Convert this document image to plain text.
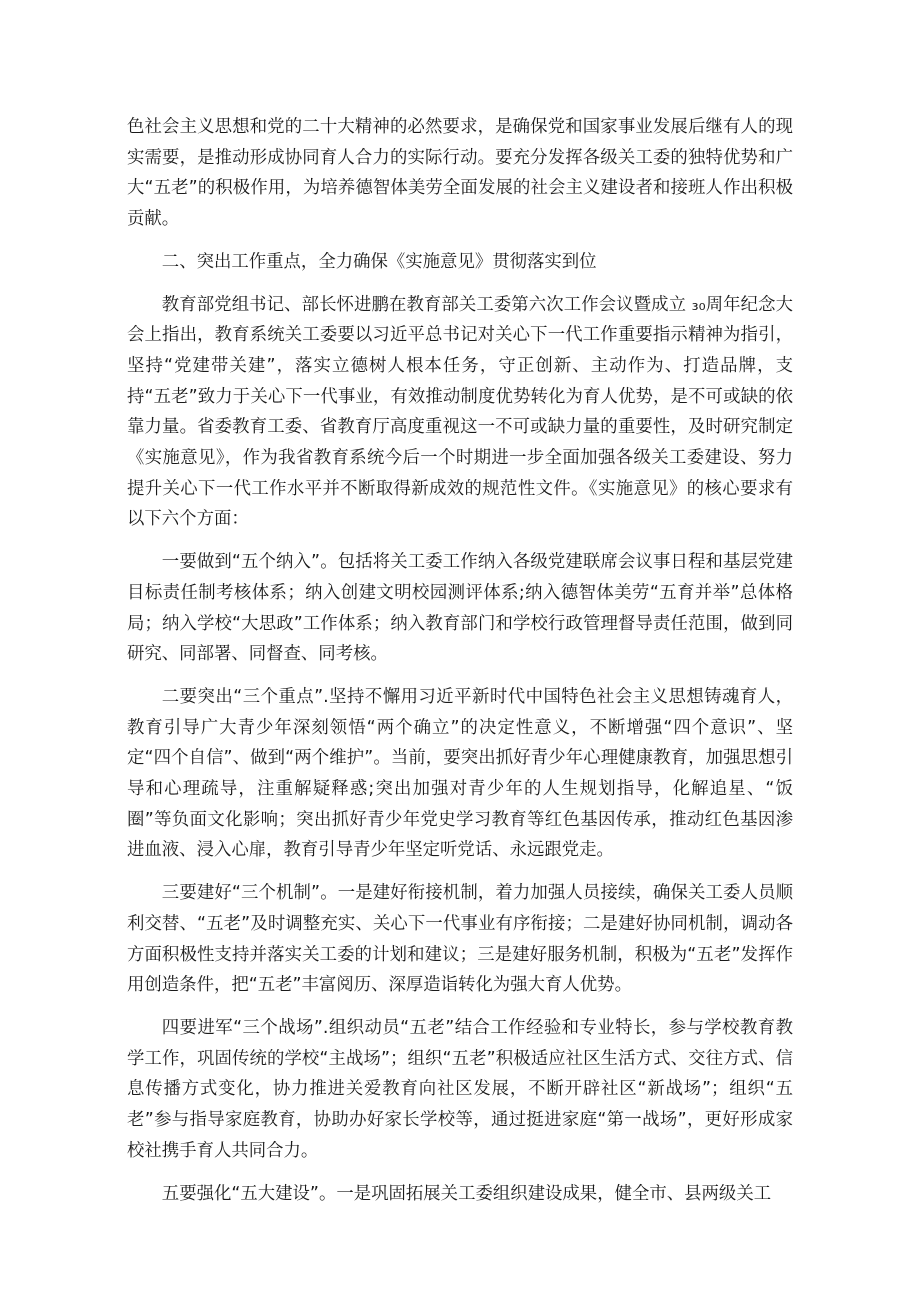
色社会主义思想和党的二十大精神的必然要求，是确保党和国家事业发展后继有人的现实需要，是推动形成协同育人合力的实际行动。要充分发挥各级关工委的独特优势和广大“五老”的积极作用，为培养德智体美劳全面发展的社会主义建设者和接班人作出积极贡献。

二、突出工作重点，全力确保《实施意见》贯彻落实到位

教育部党组书记、部长怀进鹏在教育部关工委第六次工作会议暨成立 ₃₀周年纪念大会上指出，教育系统关工委要以习近平总书记对关心下一代工作重要指示精神为指引，坚持“党建带关建”，落实立德树人根本任务，守正创新、主动作为、打造品牌，支持“五老”致力于关心下一代事业，有效推动制度优势转化为育人优势，是不可或缺的依靠力量。省委教育工委、省教育厅高度重视这一不可或缺力量的重要性，及时研究制定《实施意见》，作为我省教育系统今后一个时期进一步全面加强各级关工委建设、努力提升关心下一代工作水平并不断取得新成效的规范性文件。《实施意见》的核心要求有以下六个方面：

一要做到“五个纳入”。包括将关工委工作纳入各级党建联席会议事日程和基层党建目标责任制考核体系；纳入创建文明校园测评体系;纳入德智体美劳“五育并举”总体格局；纳入学校“大思政”工作体系；纳入教育部门和学校行政管理督导责任范围，做到同研究、同部署、同督查、同考核。

二要突出“三个重点”.坚持不懈用习近平新时代中国特色社会主义思想铸魂育人，教育引导广大青少年深刻领悟“两个确立”的决定性意义，不断增强“四个意识”、坚定“四个自信”、做到“两个维护”。当前，要突出抓好青少年心理健康教育，加强思想引导和心理疏导，注重解疑释惑;突出加强对青少年的人生规划指导，化解追星、“饭圈”等负面文化影响；突出抓好青少年党史学习教育等红色基因传承，推动红色基因渗进血液、浸入心扉，教育引导青少年坚定听党话、永远跟党走。

三要建好“三个机制”。一是建好衔接机制，着力加强人员接续，确保关工委人员顺利交替、“五老”及时调整充实、关心下一代事业有序衔接；二是建好协同机制，调动各方面积极性支持并落实关工委的计划和建议；三是建好服务机制，积极为“五老”发挥作用创造条件，把“五老”丰富阅历、深厚造诣转化为强大育人优势。

四要进军“三个战场”.组织动员“五老”结合工作经验和专业特长，参与学校教育教学工作，巩固传统的学校“主战场”；组织“五老”积极适应社区生活方式、交往方式、信息传播方式变化，协力推进关爱教育向社区发展，不断开辟社区“新战场”；组织“五老”参与指导家庭教育，协助办好家长学校等，通过挺进家庭“第一战场”，更好形成家校社携手育人共同合力。

五要强化“五大建设”。一是巩固拓展关工委组织建设成果，健全市、县两级关工
